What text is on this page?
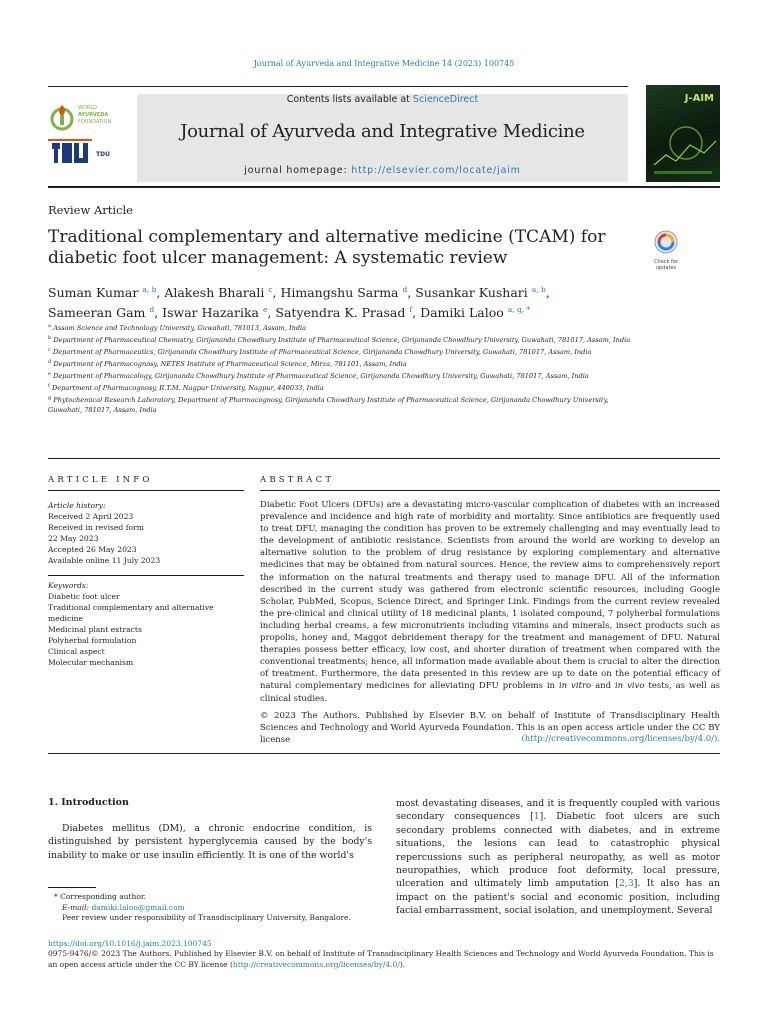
Journal of Ayurveda and Integrative Medicine 14 (2023) 100745
WORLD
AYURVEDA
FOUNDATION
TDU
Contents lists available at ScienceDirect
Journal of Ayurveda and Integrative Medicine
journal homepage: http://elsevier.com/locate/jaim
J-AIM
Review Article
Traditional complementary and alternative medicine (TCAM) for diabetic foot ulcer management: A systematic review	Check for updates
Suman Kumar $^{a, b}$, Alakesh Bharali $^c$, Himangshu Sarma $^d$, Susankar Kushari $^{a, b}$,
Sameeran Gam $^d$, Iswar Hazarika $^e$, Satyendra K. Prasad $^f$, Damiki Laloo $^{a, g, *}$
$^a$ Assam Science and Technology University, Guwahati, 781013, Assam, India
$^b$ Department of Pharmaceutical Chemistry, Girijananda Chowdhury Institute of Pharmaceutical Science, Girijananda Chowdhury University, Guwahati, 781017, Assam, India
$^c$ Department of Pharmaceutics, Girijananda Chowdhury Institute of Pharmaceutical Science, Girijananda Chowdhury University, Guwahati, 781017, Assam, India
$^d$ Department of Pharmacognosy, NETES Institute of Pharmaceutical Science, Mirza, 781101, Assam, India
$^e$ Department of Pharmacology, Girijananda Chowdhury Institute of Pharmaceutical Science, Girijananda Chowdhury University, Guwahati, 781017, Assam, India
$^f$ Department of Pharmacognosy, R.T.M. Nagpur University, Nagpur, 440033, India
$^g$ Phytochemical Research Laboratory, Department of Pharmacognosy, Girijananda Chowdhury Institute of Pharmaceutical Science, Girijananda Chowdhury University, Guwahati, 781017, Assam, India
ARTICLE INFO
Article history:
Received 2 April 2023
Received in revised form
22 May 2023
Accepted 26 May 2023
Available online 11 July 2023
Keywords:
Diabetic foot ulcer
Traditional complementary and alternative medicine
Medicinal plant extracts
Polyherbal formulation
Clinical aspect
Molecular mechanism
ABSTRACT
Diabetic Foot Ulcers (DFUs) are a devastating micro-vascular complication of diabetes with an increased prevalence and incidence and high rate of morbidity and mortality. Since antibiotics are frequently used to treat DFU, managing the condition has proven to be extremely challenging and may eventually lead to the development of antibiotic resistance. Scientists from around the world are working to develop an alternative solution to the problem of drug resistance by exploring complementary and alternative medicines that may be obtained from natural sources. Hence, the review aims to comprehensively report the information on the natural treatments and therapy used to manage DFU. All of the information described in the current study was gathered from electronic scientific resources, including Google Scholar, PubMed, Scopus, Science Direct, and Springer Link. Findings from the current review revealed the pre-clinical and clinical utility of 18 medicinal plants, 1 isolated compound, 7 polyherbal formulations including herbal creams, a few micronutrients including vitamins and minerals, insect products such as propolis, honey and, Maggot debridement therapy for the treatment and management of DFU. Natural therapies possess better efficacy, low cost, and shorter duration of treatment when compared with the conventional treatments; hence, all information made available about them is crucial to alter the direction of treatment. Furthermore, the data presented in this review are up to date on the potential efficacy of natural complementary medicines for alleviating DFU problems in in vitro and in vivo tests, as well as clinical studies.
© 2023 The Authors. Published by Elsevier B.V. on behalf of Institute of Transdisciplinary Health Sciences and Technology and World Ayurveda Foundation. This is an open access article under the CC BY license	(http://creativecommons.org/licenses/by/4.0/).
1. Introduction
Diabetes mellitus (DM), a chronic endocrine condition, is distinguished by persistent hyperglycemia caused by the body's inability to make or use insulin efficiently. It is one of the world's
most devastating diseases, and it is frequently coupled with various secondary consequences [1]. Diabetic foot ulcers are such secondary problems connected with diabetes, and in extreme situations, the lesions can lead to catastrophic physical repercussions such as peripheral neuropathy, as well as motor neuropathies, which produce foot deformity, local pressure, ulceration and ultimately limb amputation [2,3]. It also has an impact on the patient's social and economic position, including facial embarrassment, social isolation, and unemployment. Several
* Corresponding author.
E-mail: damiki.laloo@gmail.com
Peer review under responsibility of Transdisciplinary University, Bangalore.
https://doi.org/10.1016/j.jaim.2023.100745
0975-9476/© 2023 The Authors. Published by Elsevier B.V. on behalf of Institute of Transdisciplinary Health Sciences and Technology and World Ayurveda Foundation. This is an open access article under the CC BY license (http://creativecommons.org/licenses/by/4.0/).
